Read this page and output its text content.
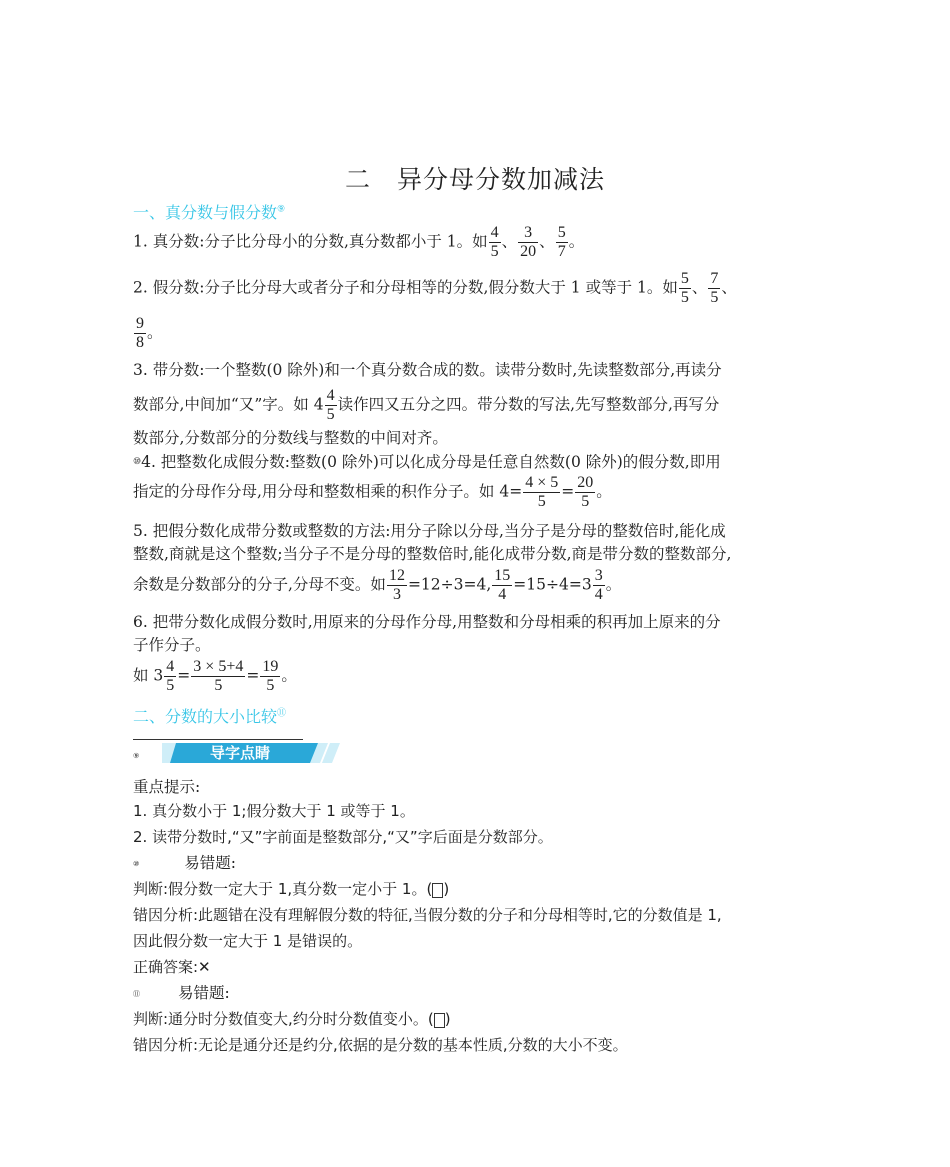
二　异分母分数加减法
一、真分数与假分数⑨
1. 真分数:分子比分母小的分数,真分数都小于 1。如 $\frac{4}{5}$ 、 $\frac{3}{20}$ 、 $\frac{5}{7}$ 。
2. 假分数:分子比分母大或者分子和分母相等的分数,假分数大于 1 或等于 1。如 $\frac{5}{5}$ 、 $\frac{7}{5}$ 、
$\frac{9}{8}$ 。
3. 带分数:一个整数(0 除外)和一个真分数合成的数。读带分数时,先读整数部分,再读分
数部分,中间加“又”字。如 $4 \frac{4}{5}$ 读作四又五分之四。带分数的写法,先写整数部分,再写分
数部分,分数部分的分数线与整数的中间对齐。
⑩4. 把整数化成假分数:整数(0 除外)可以化成分母是任意自然数(0 除外)的假分数,即用
指定的分母作分母,用分母和整数相乘的积作分子。如 $4= \frac{4 \times 5}{5} = \frac{20}{5}$ 。
5. 把假分数化成带分数或整数的方法:用分子除以分母,当分子是分母的整数倍时,能化成
整数,商就是这个整数;当分子不是分母的整数倍时,能化成带分数,商是带分数的整数部分,
余数是分数部分的分子,分母不变。如 $\frac{12}{3} =12\div 3=4$, $\frac{15}{4} =15\div 4=3 \frac{3}{4}$ 。
6. 把带分数化成假分数时,用原来的分母作分母,用整数和分母相乘的积再加上原来的分
子作分子。
如 $3 \frac{4}{5} = \frac{3 \times 5+4}{5} = \frac{19}{5}$ 。
二、分数的大小比较⑪
⑨	导字点睛
重点提示:
1. 真分数小于 1;假分数大于 1 或等于 1。
2. 读带分数时,“又”字前面是整数部分,“又”字后面是分数部分。
⑩	易错题:
判断:假分数一定大于 1,真分数一定小于 1。( )
错因分析:此题错在没有理解假分数的特征,当假分数的分子和分母相等时,它的分数值是 1,
因此假分数一定大于 1 是错误的。
正确答案:✕
⑪ 易错题:
判断:通分时分数值变大,约分时分数值变小。( )
错因分析:无论是通分还是约分,依据的是分数的基本性质,分数的大小不变。
